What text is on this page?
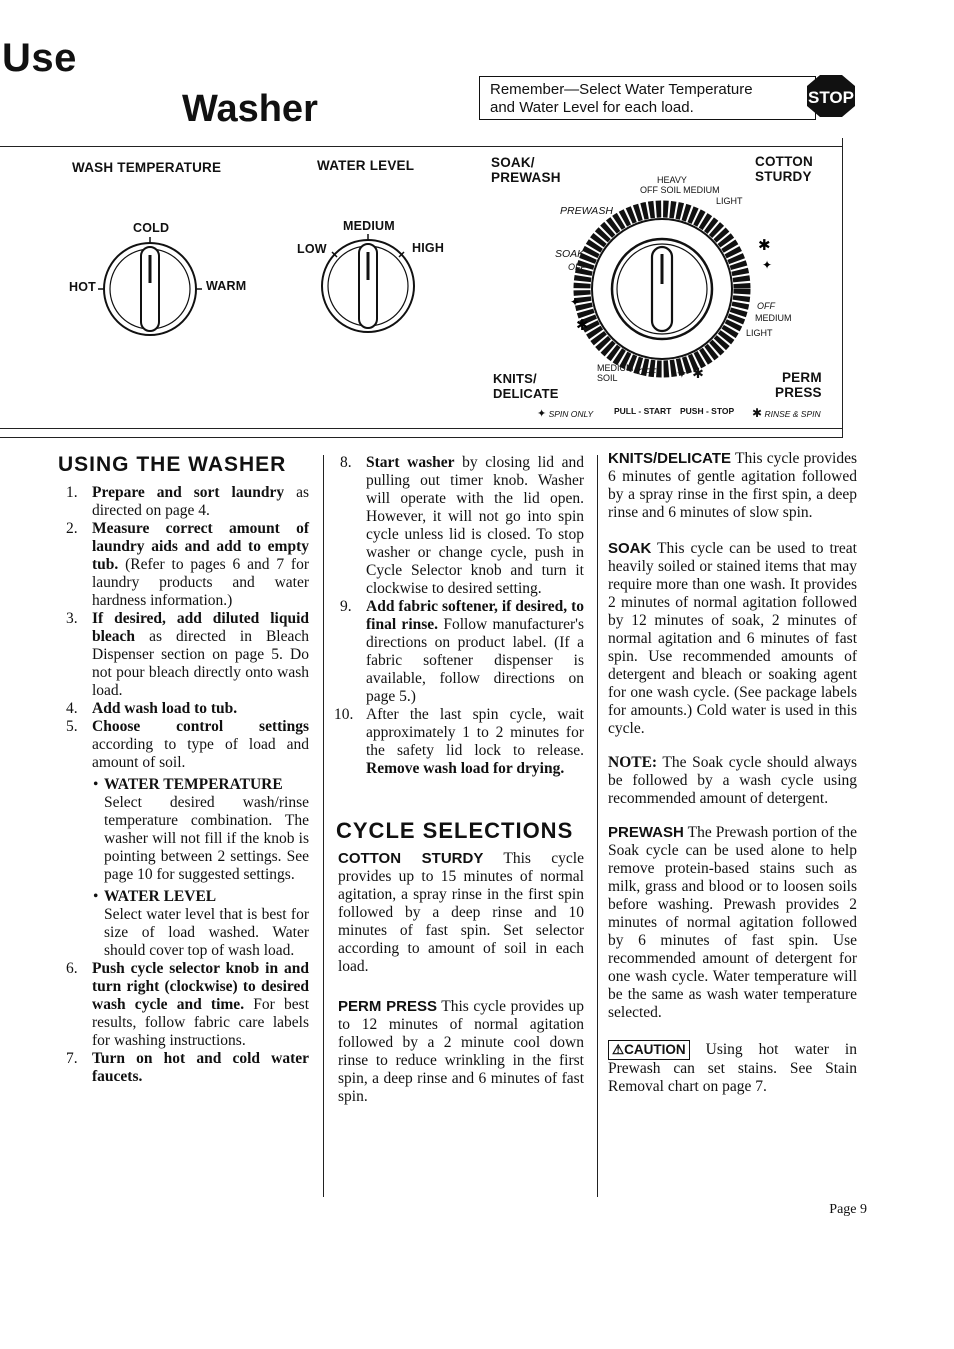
Use
Washer	Remember—Select Water Temperature
and Water Level for each load.
STOP
WASH TEMPERATURE
COLD
HOT	WARM
WATER LEVEL
MEDIUM
LOW	HIGH
SOAK/
PREWASH
COTTON
STURDY
HEAVY
OFF SOIL MEDIUM
LIGHT
PREWASH
SOAK
OFF
OFF
MEDIUM
LIGHT
✱
✦
✦
✱
KNITS/
DELICATE
MEDIUM
SOIL
OFF ✦ ✱	PERM
PRESS
✦ SPIN ONLY PULL - START PUSH - STOP ✱ RINSE & SPIN
USING THE WASHER
1. Prepare and sort laundry as directed on page 4.
2. Measure correct amount of laundry aids and add to empty tub. (Refer to pages 6 and 7 for laundry products and water hardness information.)
3. If desired, add diluted liquid bleach as directed in Bleach Dispenser section on page 5. Do not pour bleach directly onto wash load.
4. Add wash load to tub.
5. Choose control settings according to type of load and amount of soil.
• WATER TEMPERATURE

Select desired wash/rinse temperature combination. The washer will not fill if the knob is pointing between 2 settings. See page 10 for suggested settings.

• WATER LEVEL

Select water level that is best for size of load washed. Water should cover top of wash load.

6. Push cycle selector knob in and turn right (clockwise) to desired wash cycle and time. For best results, follow fabric care labels for washing instructions.
7. Turn on hot and cold water faucets.
8. Start washer by closing lid and pulling out timer knob. Washer will operate with the lid open. However, it will not go into spin cycle unless lid is closed. To stop washer or change cycle, push in Cycle Selector knob and turn it clockwise to desired setting.
9. Add fabric softener, if desired, to final rinse. Follow manufacturer's directions on product label. (If a fabric softener dispenser is available, follow directions on page 5.)
10. After the last spin cycle, wait approximately 1 to 2 minutes for the safety lid lock to release. Remove wash load for drying.
CYCLE SELECTIONS

COTTON STURDY This cycle provides up to 15 minutes of normal agitation, a spray rinse in the first spin followed by a deep rinse and 10 minutes of fast spin. Set selector according to amount of soil in each load.

PERM PRESS This cycle provides up to 12 minutes of normal agitation followed by a 2 minute cool down rinse to reduce wrinkling in the first spin, a deep rinse and 6 minutes of fast spin.

KNITS/DELICATE This cycle provides 6 minutes of gentle agitation followed by a spray rinse in the first spin, a deep rinse and 6 minutes of slow spin.

SOAK This cycle can be used to treat heavily soiled or stained items that may require more than one wash. It provides 2 minutes of normal agitation followed by 12 minutes of soak, 2 minutes of normal agitation and 6 minutes of fast spin. Use recommended amounts of detergent and bleach or soaking agent for one wash cycle. (See package labels for amounts.) Cold water is used in this cycle.

NOTE: The Soak cycle should always be followed by a wash cycle using recommended amount of detergent.

PREWASH The Prewash portion of the Soak cycle can be used alone to help remove protein-based stains such as milk, grass and blood or to loosen soils before washing. Prewash provides 2 minutes of normal agitation followed by 6 minutes of fast spin. Use recommended amount of detergent for one wash cycle. Water temperature will be the same as wash water temperature selected.

⚠CAUTION Using hot water in Prewash can set stains. See Stain Removal chart on page 7.

Page 9
